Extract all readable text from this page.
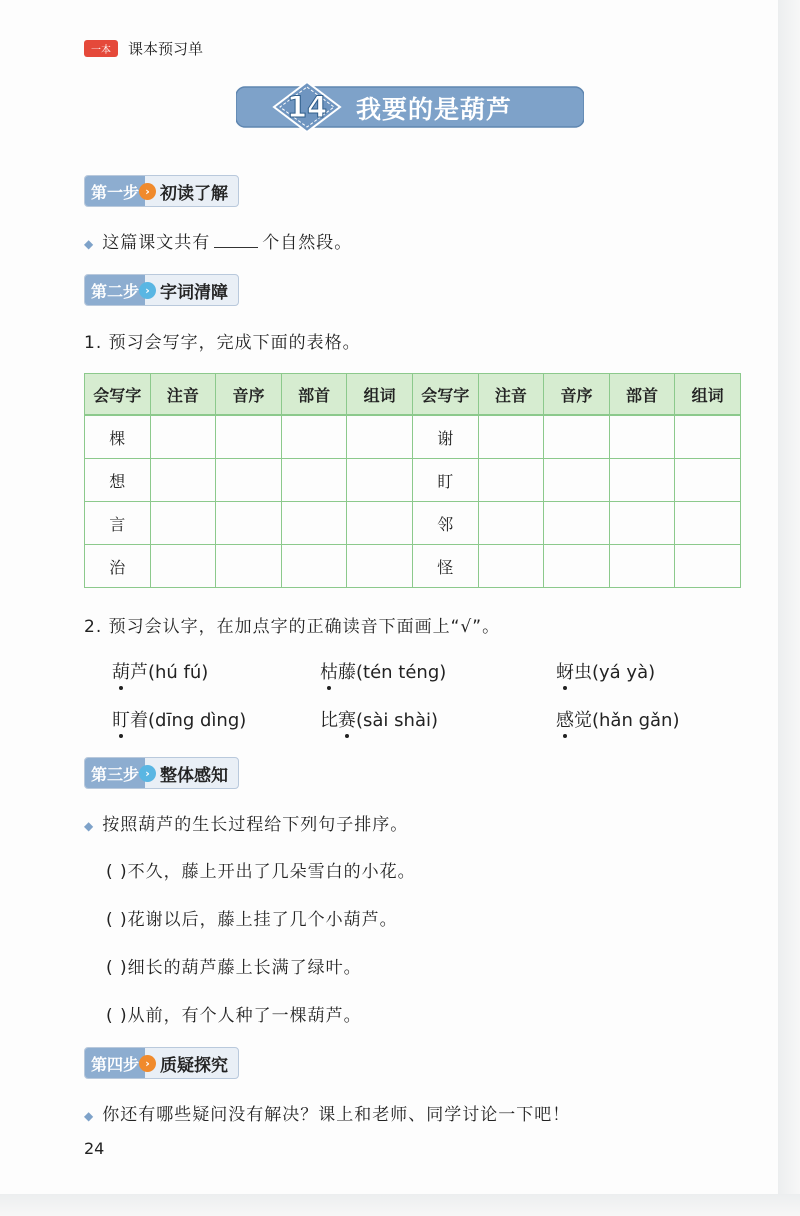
一本	课本预习单
14	我要的是葫芦
第一步 › 初读了解
◆ 这篇课文共有	个自然段。
第二步 › 字词清障
1. 预习会写字，完成下面的表格。
会写字	注音	音序	部首	组词	会写字	注音	音序	部首	组词
棵					谢				
想					盯				
言					邻				
治					怪				
2. 预习会认字，在加点字的正确读音下面画上“√”。
葫芦(hú fú)	枯藤(tén téng)	蚜虫(yá yà)
盯着(dīng dìng)	比赛(sài shài)	感觉(hǎn gǎn)
第三步 › 整体感知
◆ 按照葫芦的生长过程给下列句子排序。
( )不久，藤上开出了几朵雪白的小花。
( )花谢以后，藤上挂了几个小葫芦。
( )细长的葫芦藤上长满了绿叶。
( )从前，有个人种了一棵葫芦。
第四步 › 质疑探究
◆ 你还有哪些疑问没有解决？课上和老师、同学讨论一下吧！
24
